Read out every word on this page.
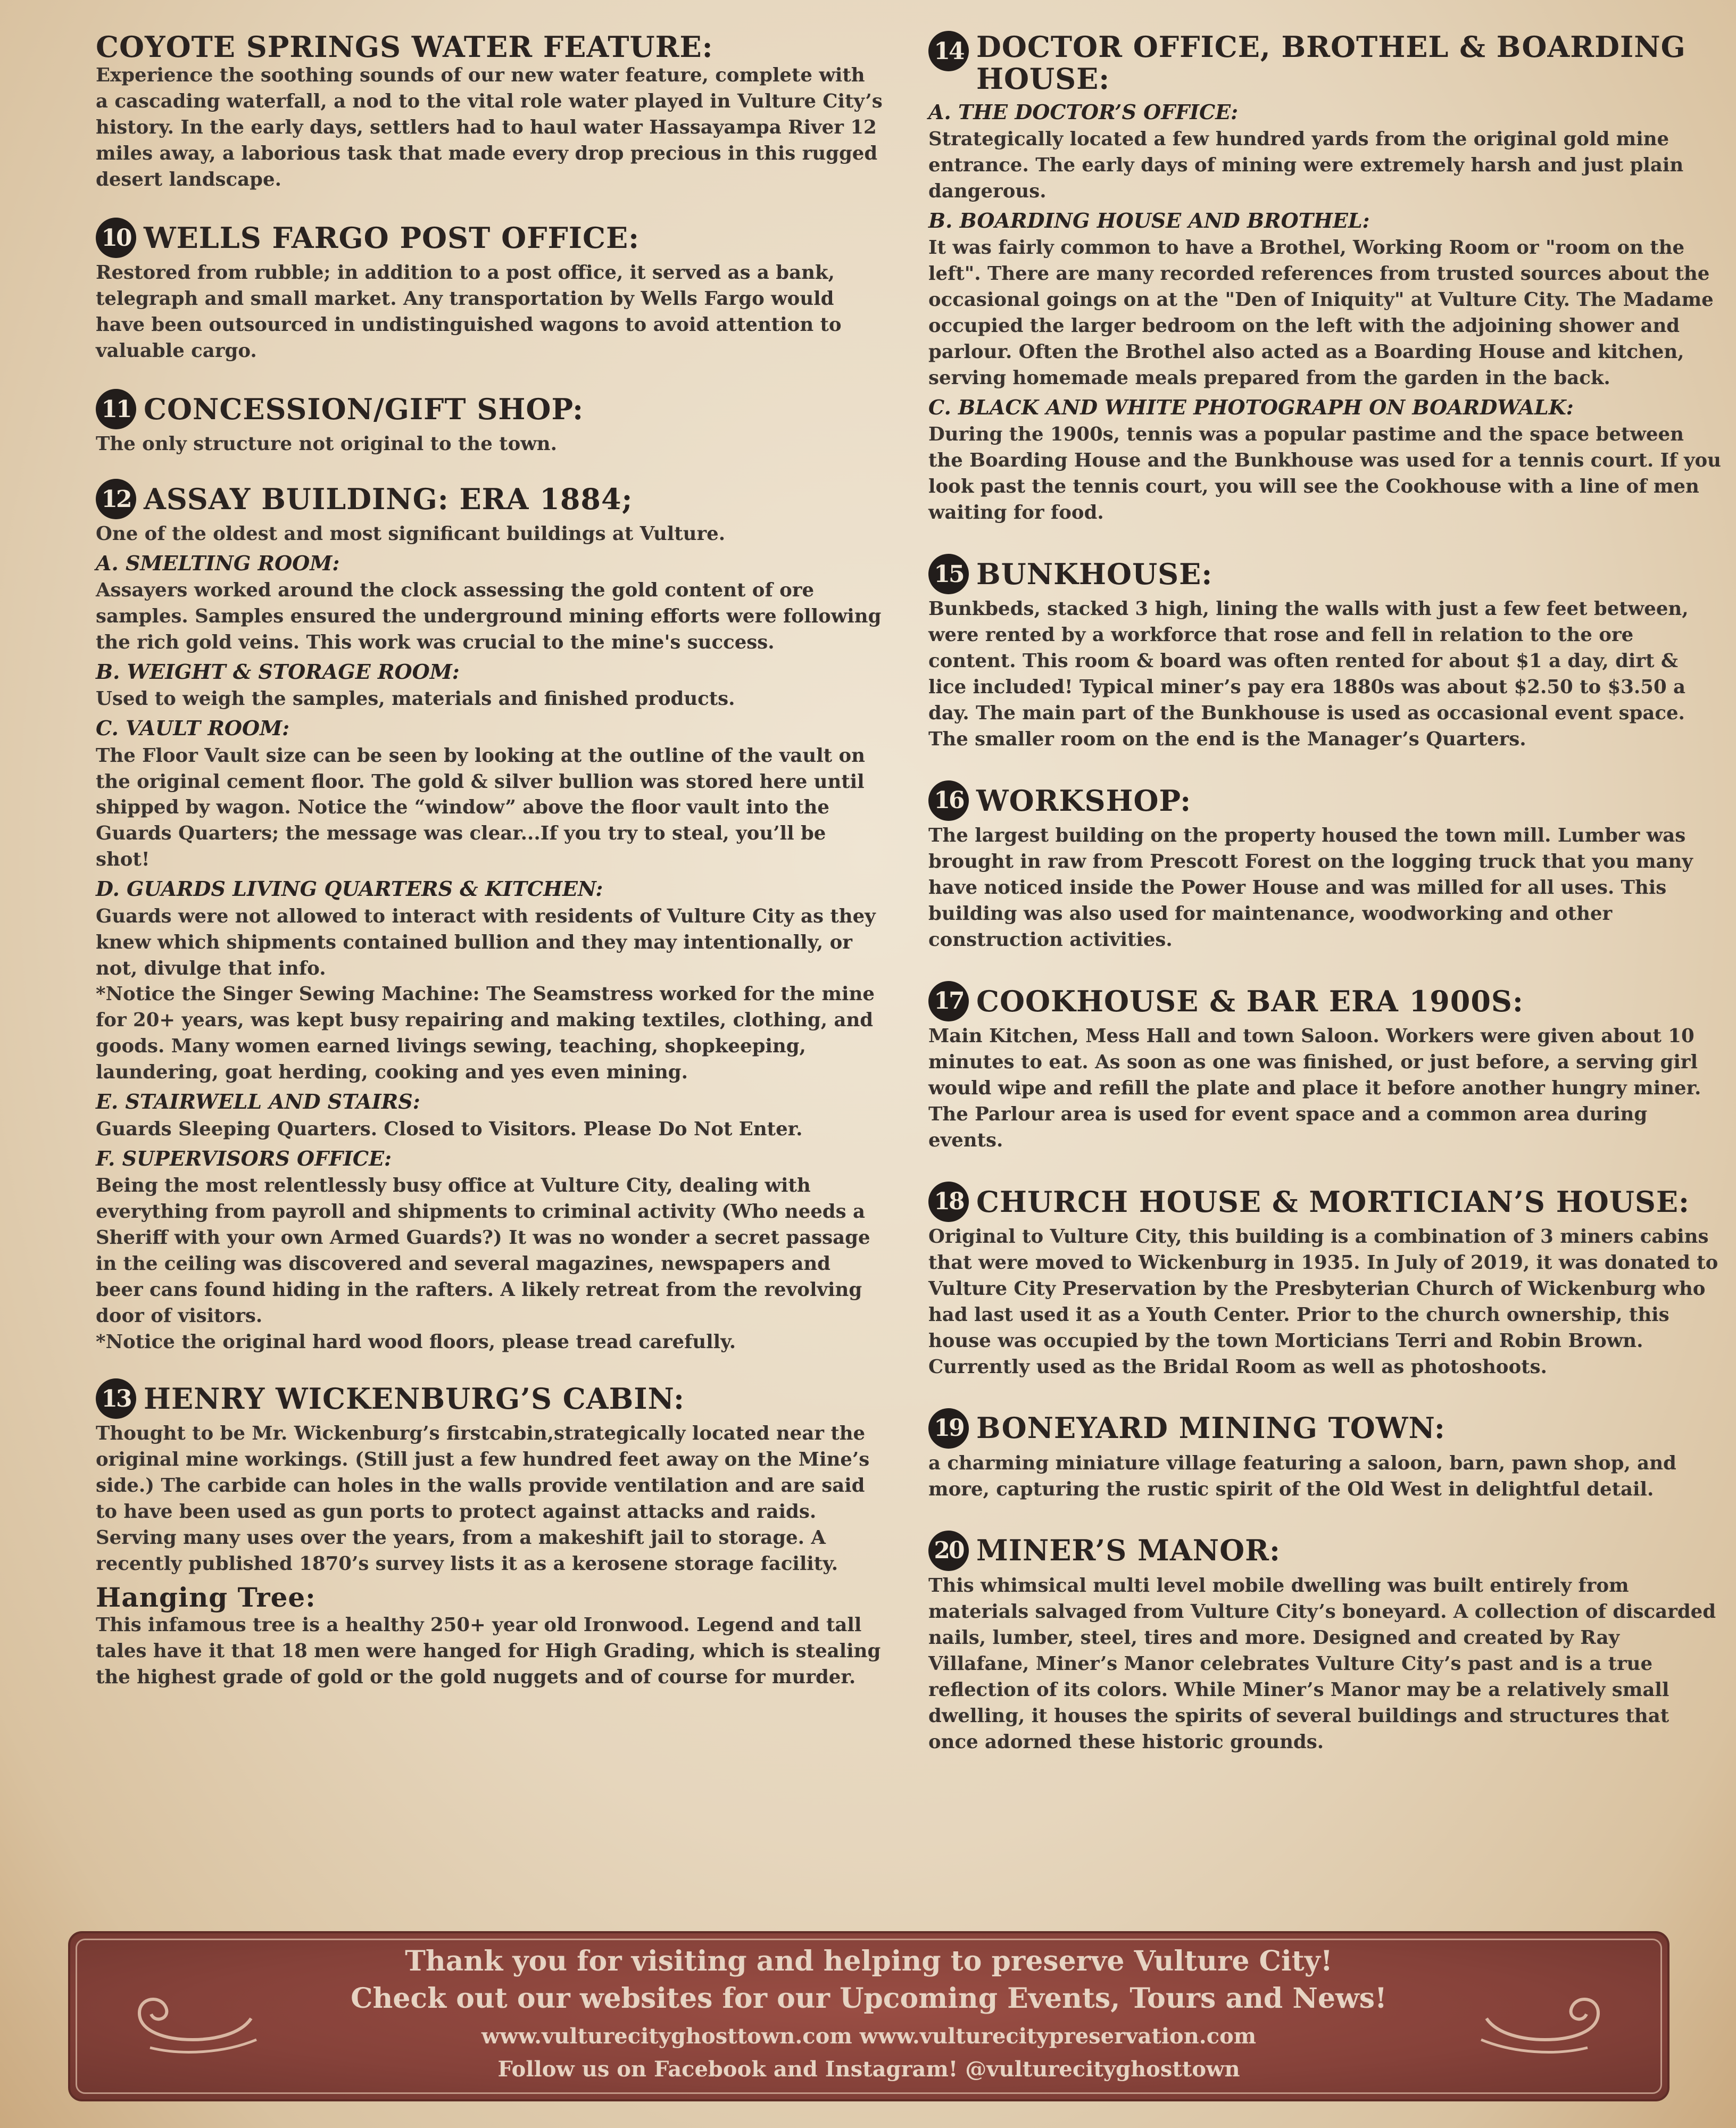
COYOTE SPRINGS WATER FEATURE:

Experience the soothing sounds of our new water feature, complete with a cascading waterfall, a nod to the vital role water played in Vulture City’s history. In the early days, settlers had to haul water Hassayampa River 12 miles away, a laborious task that made every drop precious in this rugged desert landscape.

10 WELLS FARGO POST OFFICE:

Restored from rubble; in addition to a post office, it served as a bank, telegraph and small market. Any transportation by Wells Fargo would have been outsourced in undistinguished wagons to avoid attention to valuable cargo.

11 CONCESSION/GIFT SHOP:

The only structure not original to the town.

12 ASSAY BUILDING: ERA 1884;

One of the oldest and most significant buildings at Vulture.

A. SMELTING ROOM:

Assayers worked around the clock assessing the gold content of ore samples. Samples ensured the underground mining efforts were following the rich gold veins. This work was crucial to the mine's success.

B. WEIGHT & STORAGE ROOM:

Used to weigh the samples, materials and finished products.

C. VAULT ROOM:

The Floor Vault size can be seen by looking at the outline of the vault on the original cement floor. The gold & silver bullion was stored here until shipped by wagon. Notice the “window” above the floor vault into the Guards Quarters; the message was clear...If you try to steal, you’ll be shot!

D. GUARDS LIVING QUARTERS & KITCHEN:

Guards were not allowed to interact with residents of Vulture City as they knew which shipments contained bullion and they may intentionally, or not, divulge that info.

*Notice the Singer Sewing Machine: The Seamstress worked for the mine for 20+ years, was kept busy repairing and making textiles, clothing, and goods. Many women earned livings sewing, teaching, shopkeeping, laundering, goat herding, cooking and yes even mining.

E. STAIRWELL AND STAIRS:

Guards Sleeping Quarters. Closed to Visitors. Please Do Not Enter.

F. SUPERVISORS OFFICE:

Being the most relentlessly busy office at Vulture City, dealing with everything from payroll and shipments to criminal activity (Who needs a Sheriff with your own Armed Guards?) It was no wonder a secret passage in the ceiling was discovered and several magazines, newspapers and beer cans found hiding in the rafters. A likely retreat from the revolving door of visitors.

*Notice the original hard wood floors, please tread carefully.

13 HENRY WICKENBURG’S CABIN:

Thought to be Mr. Wickenburg’s firstcabin,strategically located near the original mine workings. (Still just a few hundred feet away on the Mine’s side.) The carbide can holes in the walls provide ventilation and are said to have been used as gun ports to protect against attacks and raids. Serving many uses over the years, from a makeshift jail to storage. A recently published 1870’s survey lists it as a kerosene storage facility.

Hanging Tree:

This infamous tree is a healthy 250+ year old Ironwood. Legend and tall tales have it that 18 men were hanged for High Grading, which is stealing the highest grade of gold or the gold nuggets and of course for murder.

14 DOCTOR OFFICE, BROTHEL & BOARDING HOUSE:
A. THE DOCTOR’S OFFICE:

Strategically located a few hundred yards from the original gold mine entrance. The early days of mining were extremely harsh and just plain dangerous.

B. BOARDING HOUSE AND BROTHEL:

It was fairly common to have a Brothel, Working Room or "room on the left". There are many recorded references from trusted sources about the occasional goings on at the "Den of Iniquity" at Vulture City. The Madame occupied the larger bedroom on the left with the adjoining shower and parlour. Often the Brothel also acted as a Boarding House and kitchen, serving homemade meals prepared from the garden in the back.

C. BLACK AND WHITE PHOTOGRAPH ON BOARDWALK:

During the 1900s, tennis was a popular pastime and the space between the Boarding House and the Bunkhouse was used for a tennis court. If you look past the tennis court, you will see the Cookhouse with a line of men waiting for food.

15 BUNKHOUSE:

Bunkbeds, stacked 3 high, lining the walls with just a few feet between, were rented by a workforce that rose and fell in relation to the ore content. This room & board was often rented for about $1 a day, dirt & lice included! Typical miner’s pay era 1880s was about $2.50 to $3.50 a day. The main part of the Bunkhouse is used as occasional event space. The smaller room on the end is the Manager’s Quarters.

16 WORKSHOP:

The largest building on the property housed the town mill. Lumber was brought in raw from Prescott Forest on the logging truck that you many have noticed inside the Power House and was milled for all uses. This building was also used for maintenance, woodworking and other construction activities.

17 COOKHOUSE & BAR ERA 1900S:

Main Kitchen, Mess Hall and town Saloon. Workers were given about 10 minutes to eat. As soon as one was finished, or just before, a serving girl would wipe and refill the plate and place it before another hungry miner. The Parlour area is used for event space and a common area during events.

18 CHURCH HOUSE & MORTICIAN’S HOUSE:

Original to Vulture City, this building is a combination of 3 miners cabins that were moved to Wickenburg in 1935. In July of 2019, it was donated to Vulture City Preservation by the Presbyterian Church of Wickenburg who had last used it as a Youth Center. Prior to the church ownership, this house was occupied by the town Morticians Terri and Robin Brown. Currently used as the Bridal Room as well as photoshoots.

19 BONEYARD MINING TOWN:

a charming miniature village featuring a saloon, barn, pawn shop, and more, capturing the rustic spirit of the Old West in delightful detail.

20 MINER’S MANOR:

This whimsical multi level mobile dwelling was built entirely from materials salvaged from Vulture City’s boneyard. A collection of discarded nails, lumber, steel, tires and more. Designed and created by Ray Villafane, Miner’s Manor celebrates Vulture City’s past and is a true reflection of its colors. While Miner’s Manor may be a relatively small dwelling, it houses the spirits of several buildings and structures that once adorned these historic grounds.

Thank you for visiting and helping to preserve Vulture City!
Check out our websites for our Upcoming Events, Tours and News!
www.vulturecityghosttown.com www.vulturecitypreservation.com
Follow us on Facebook and Instagram! @vulturecityghosttown
